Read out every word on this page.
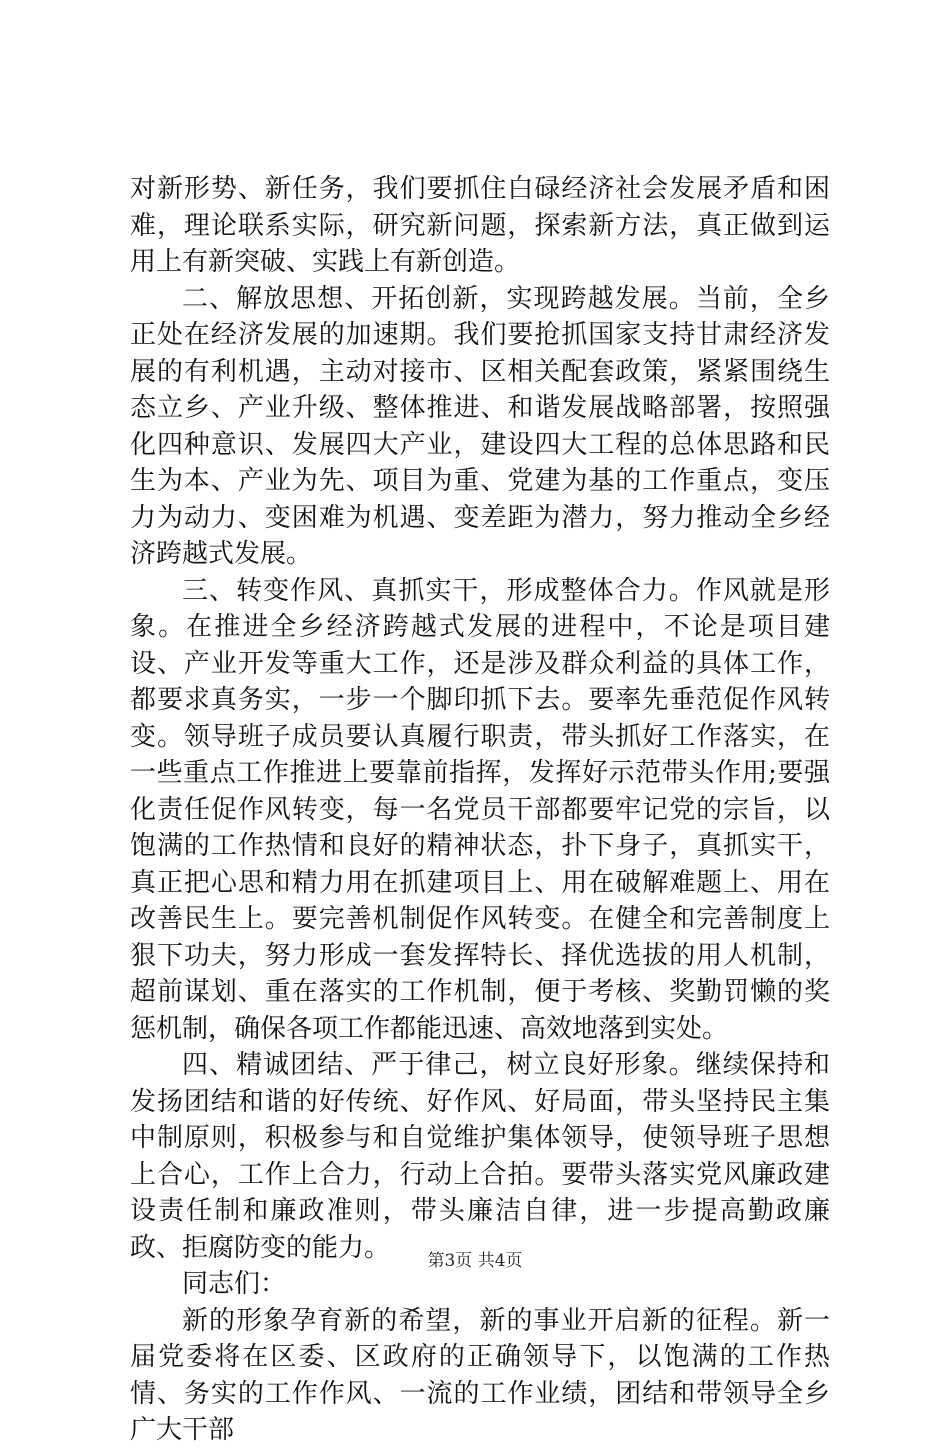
对新形势、新任务，我们要抓住白碌经济社会发展矛盾和困难，理论联系实际，研究新问题，探索新方法，真正做到运用上有新突破、实践上有新创造。

二、解放思想、开拓创新，实现跨越发展。当前，全乡正处在经济发展的加速期。我们要抢抓国家支持甘肃经济发展的有利机遇，主动对接市、区相关配套政策，紧紧围绕生态立乡、产业升级、整体推进、和谐发展战略部署，按照强化四种意识、发展四大产业，建设四大工程的总体思路和民生为本、产业为先、项目为重、党建为基的工作重点，变压力为动力、变困难为机遇、变差距为潜力，努力推动全乡经济跨越式发展。

三、转变作风、真抓实干，形成整体合力。作风就是形象。在推进全乡经济跨越式发展的进程中，不论是项目建设、产业开发等重大工作，还是涉及群众利益的具体工作，都要求真务实，一步一个脚印抓下去。要率先垂范促作风转变。领导班子成员要认真履行职责，带头抓好工作落实，在一些重点工作推进上要靠前指挥，发挥好示范带头作用;要强化责任促作风转变，每一名党员干部都要牢记党的宗旨，以饱满的工作热情和良好的精神状态，扑下身子，真抓实干，真正把心思和精力用在抓建项目上、用在破解难题上、用在改善民生上。要完善机制促作风转变。在健全和完善制度上狠下功夫，努力形成一套发挥特长、择优选拔的用人机制，超前谋划、重在落实的工作机制，便于考核、奖勤罚懒的奖惩机制，确保各项工作都能迅速、高效地落到实处。

四、精诚团结、严于律己，树立良好形象。继续保持和发扬团结和谐的好传统、好作风、好局面，带头坚持民主集中制原则，积极参与和自觉维护集体领导，使领导班子思想上合心，工作上合力，行动上合拍。要带头落实党风廉政建设责任制和廉政准则，带头廉洁自律，进一步提高勤政廉政、拒腐防变的能力。

同志们：

新的形象孕育新的希望，新的事业开启新的征程。新一届党委将在区委、区政府的正确领导下，以饱满的工作热情、务实的工作作风、一流的工作业绩，团结和带领导全乡广大干部

第3页 共4页
